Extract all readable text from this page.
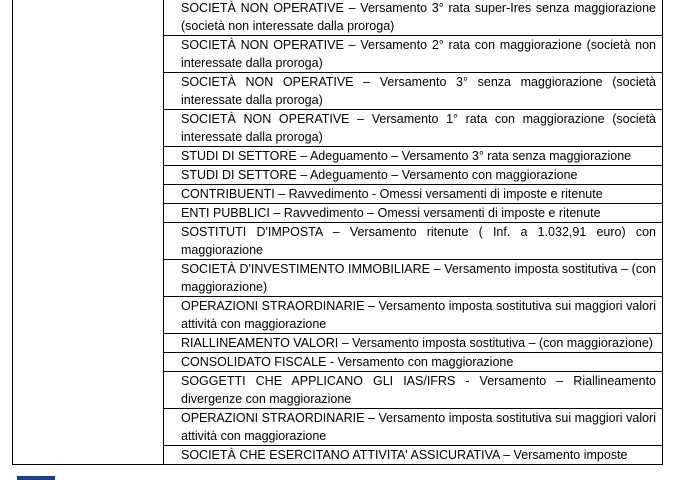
	SOCIETÀ NON OPERATIVE – Versamento 3° rata super-Ires senza maggiorazione (società non interessate dalla proroga)
SOCIETÀ NON OPERATIVE – Versamento 2° rata con maggiorazione (società non interessate dalla proroga)
SOCIETÀ NON OPERATIVE – Versamento 3° senza maggiorazione (società interessate dalla proroga)
SOCIETÀ NON OPERATIVE – Versamento 1° rata con maggiorazione (società interessate dalla proroga)
STUDI DI SETTORE – Adeguamento – Versamento 3° rata senza maggiorazione
STUDI DI SETTORE – Adeguamento – Versamento con maggiorazione
CONTRIBUENTI – Ravvedimento - Omessi versamenti di imposte e ritenute
ENTI PUBBLICI – Ravvedimento – Omessi versamenti di imposte e ritenute
SOSTITUTI D'IMPOSTA – Versamento ritenute ( Inf. a 1.032,91 euro) con maggiorazione
SOCIETÀ D'INVESTIMENTO IMMOBILIARE – Versamento imposta sostitutiva – (con maggiorazione)
OPERAZIONI STRAORDINARIE – Versamento imposta sostitutiva sui maggiori valori attività con maggiorazione
RIALLINEAMENTO VALORI – Versamento imposta sostitutiva – (con maggiorazione)
CONSOLIDATO FISCALE - Versamento con maggiorazione
SOGGETTI CHE APPLICANO GLI IAS/IFRS - Versamento – Riallineamento divergenze con maggiorazione
OPERAZIONI STRAORDINARIE – Versamento imposta sostitutiva sui maggiori valori attività con maggiorazione
SOCIETÀ CHE ESERCITANO ATTIVITA' ASSICURATIVA – Versamento imposte
